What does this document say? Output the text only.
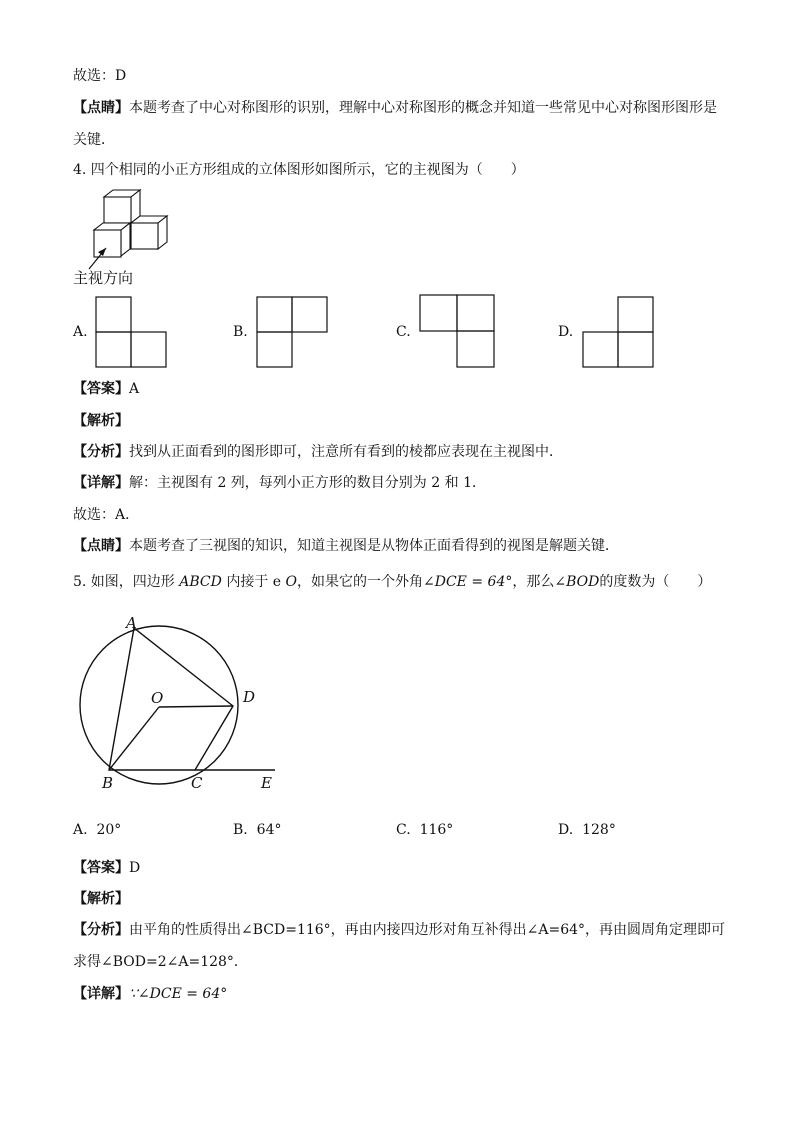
故选：D
【点睛】本题考查了中心对称图形的识别，理解中心对称图形的概念并知道一些常见中心对称图形图形是
关键．
4. 四个相同的小正方形组成的立体图形如图所示，它的主视图为（　　）
主视方向
A.	B.	C.	D.
【答案】A
【解析】
【分析】找到从正面看到的图形即可，注意所有看到的棱都应表现在主视图中．
【详解】解：主视图有 2 列，每列小正方形的数目分别为 2 和 1．
故选：A．
【点睛】本题考查了三视图的知识，知道主视图是从物体正面看得到的视图是解题关键．
5. 如图，四边形 ABCD 内接于 e O，如果它的一个外角∠DCE = 64°，那么∠BOD的度数为（　　）
A
O	D
B	C	E
A. 20°	B. 64°	C. 116°	D. 128°
【答案】D
【解析】
【分析】由平角的性质得出∠BCD=116°，再由内接四边形对角互补得出∠A=64°，再由圆周角定理即可
求得∠BOD=2∠A=128°．
【详解】∵∠DCE = 64°
